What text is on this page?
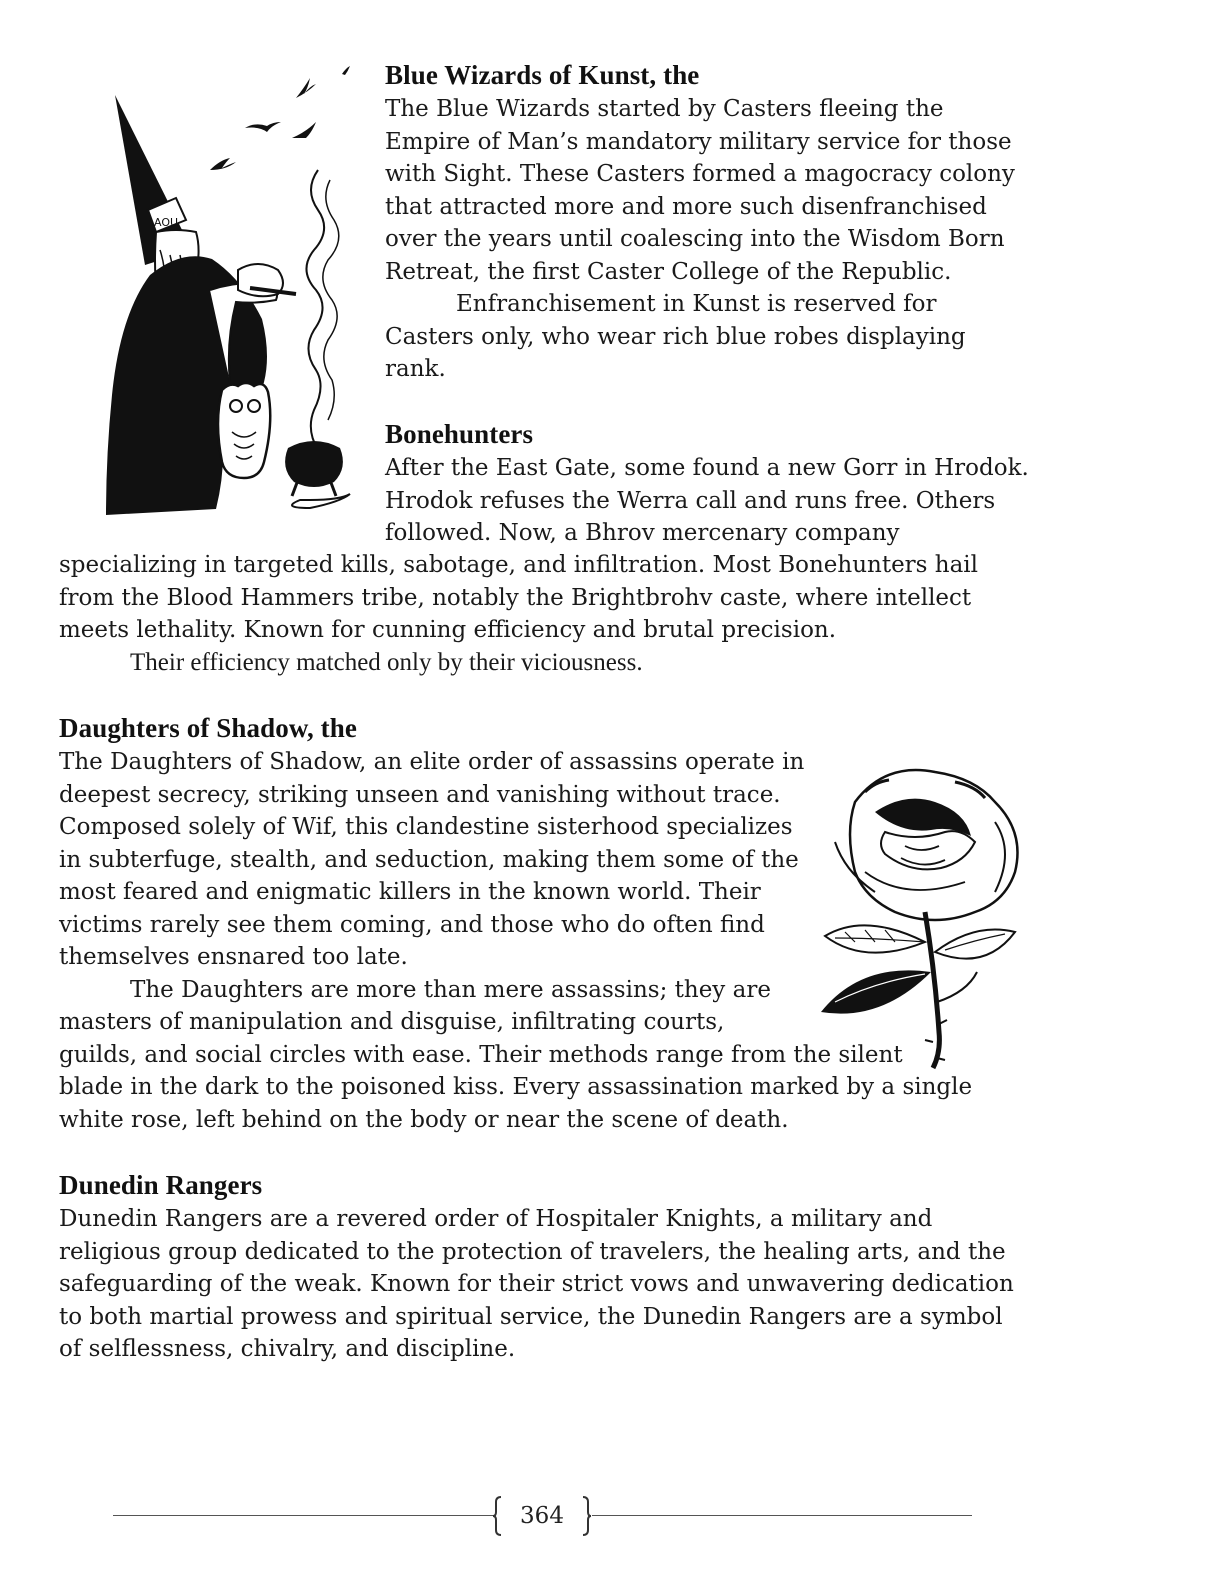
AOU
Blue Wizards of Kunst, the

The Blue Wizards started by Casters fleeing the

Empire of Man’s mandatory military service for those

with Sight. These Casters formed a magocracy colony

that attracted more and more such disenfranchised

over the years until coalescing into the Wisdom Born

Retreat, the first Caster College of the Republic.

Enfranchisement in Kunst is reserved for

Casters only, who wear rich blue robes displaying

rank.

Bonehunters

After the East Gate, some found a new Gorr in Hrodok.

Hrodok refuses the Werra call and runs free. Others

followed. Now, a Bhrov mercenary company

specializing in targeted kills, sabotage, and infiltration. Most Bonehunters hail

from the Blood Hammers tribe, notably the Brightbrohv caste, where intellect

meets lethality. Known for cunning efficiency and brutal precision.

Their efficiency matched only by their viciousness.

Daughters of Shadow, the

The Daughters of Shadow, an elite order of assassins operate in

deepest secrecy, striking unseen and vanishing without trace.

Composed solely of Wif, this clandestine sisterhood specializes

in subterfuge, stealth, and seduction, making them some of the

most feared and enigmatic killers in the known world. Their

victims rarely see them coming, and those who do often find

themselves ensnared too late.

The Daughters are more than mere assassins; they are

masters of manipulation and disguise, infiltrating courts,

guilds, and social circles with ease. Their methods range from the silent

blade in the dark to the poisoned kiss. Every assassination marked by a single

white rose, left behind on the body or near the scene of death.

Dunedin Rangers

Dunedin Rangers are a revered order of Hospitaler Knights, a military and

religious group dedicated to the protection of travelers, the healing arts, and the

safeguarding of the weak. Known for their strict vows and unwavering dedication

to both martial prowess and spiritual service, the Dunedin Rangers are a symbol

of selflessness, chivalry, and discipline.

364
